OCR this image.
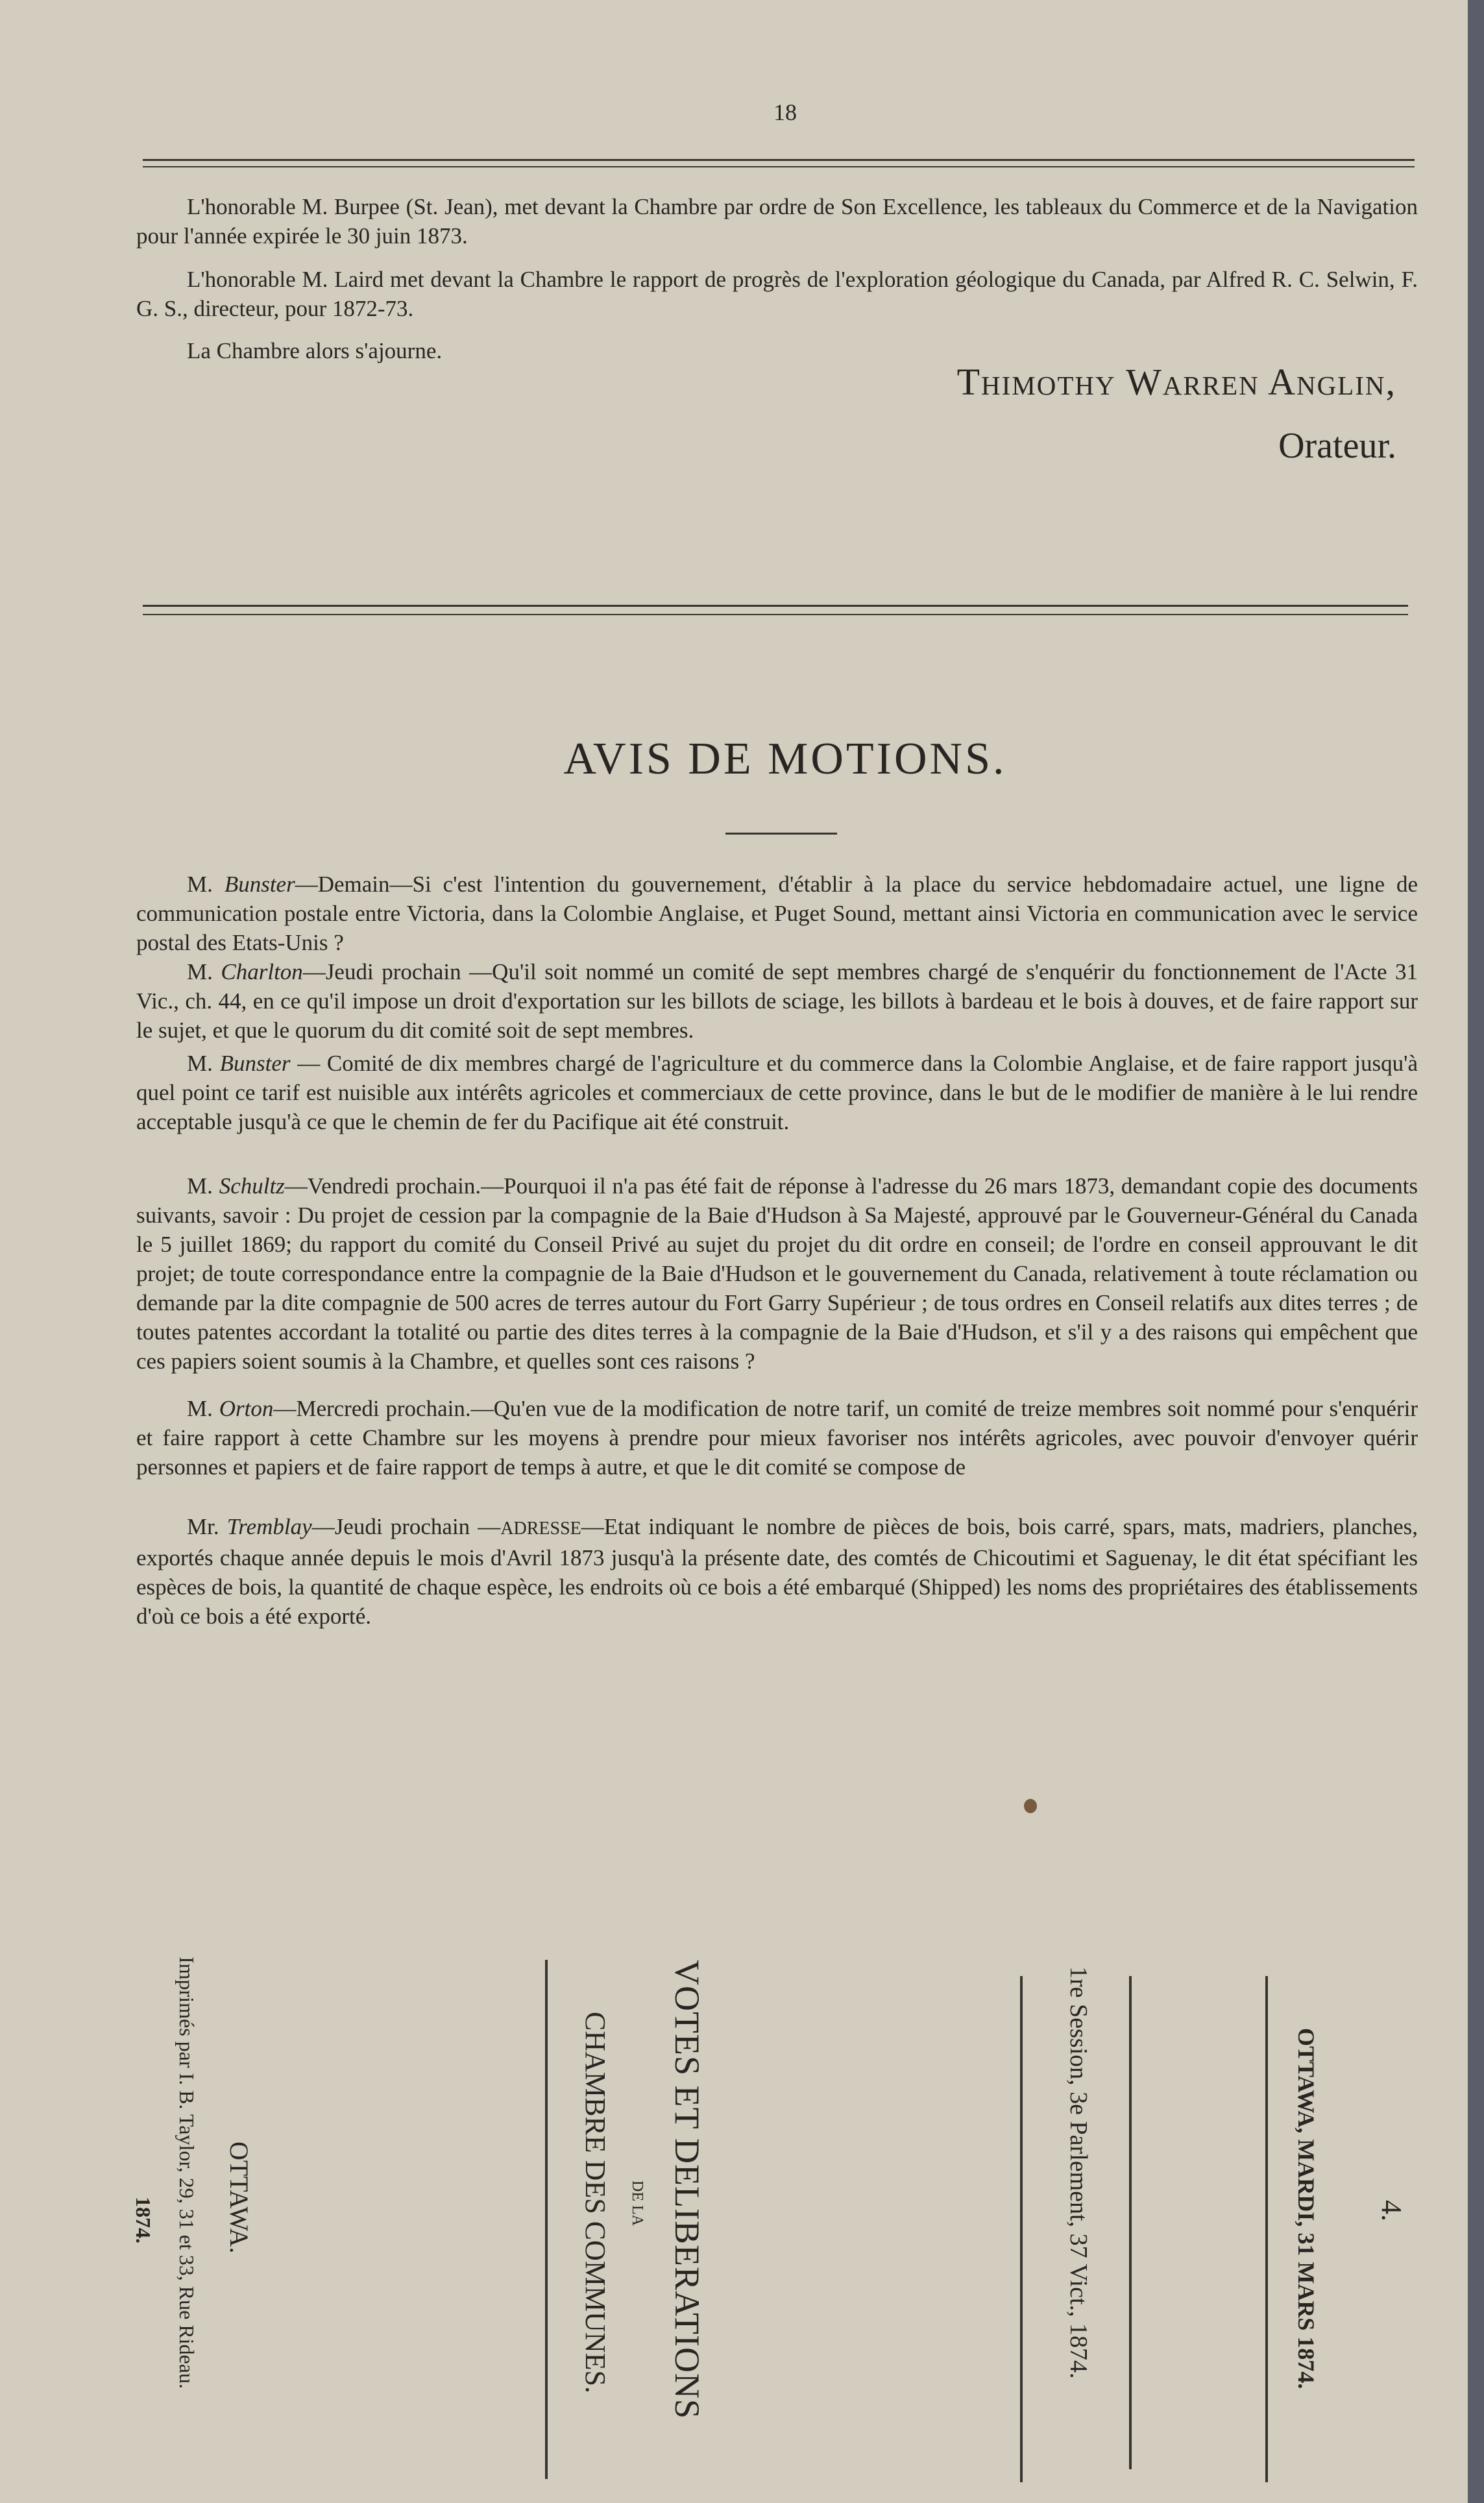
18

L'honorable M. Burpee (St. Jean), met devant la Chambre par ordre de Son Excellence, les tableaux du Commerce et de la Navigation pour l'année expirée le 30 juin 1873.

L'honorable M. Laird met devant la Chambre le rapport de progrès de l'exploration géologique du Canada, par Alfred R. C. Selwin, F. G. S., directeur, pour 1872-73.

La Chambre alors s'ajourne.

Thimothy Warren Anglin,
Orateur.
AVIS DE MOTIONS.

M. Bunster—Demain—Si c'est l'intention du gouvernement, d'établir à la place du service hebdomadaire actuel, une ligne de communication postale entre Victoria, dans la Colombie Anglaise, et Puget Sound, mettant ainsi Victoria en communication avec le service postal des Etats-Unis ?

M. Charlton—Jeudi prochain —Qu'il soit nommé un comité de sept membres chargé de s'enquérir du fonctionnement de l'Acte 31 Vic., ch. 44, en ce qu'il impose un droit d'exportation sur les billots de sciage, les billots à bardeau et le bois à douves, et de faire rapport sur le sujet, et que le quorum du dit comité soit de sept membres.

M. Bunster — Comité de dix membres chargé de l'agriculture et du commerce dans la Colombie Anglaise, et de faire rapport jusqu'à quel point ce tarif est nuisible aux intérêts agricoles et commerciaux de cette province, dans le but de le modifier de manière à le lui rendre acceptable jusqu'à ce que le chemin de fer du Pacifique ait été construit.

M. Schultz—Vendredi prochain.—Pourquoi il n'a pas été fait de réponse à l'adresse du 26 mars 1873, demandant copie des documents suivants, savoir : Du projet de cession par la compagnie de la Baie d'Hudson à Sa Majesté, approuvé par le Gouverneur-Général du Canada le 5 juillet 1869; du rapport du comité du Conseil Privé au sujet du projet du dit ordre en conseil; de l'ordre en conseil approuvant le dit projet; de toute correspondance entre la compagnie de la Baie d'Hudson et le gouvernement du Canada, relativement à toute réclamation ou demande par la dite compagnie de 500 acres de terres autour du Fort Garry Supérieur ; de tous ordres en Conseil relatifs aux dites terres ; de toutes patentes accordant la totalité ou partie des dites terres à la compagnie de la Baie d'Hudson, et s'il y a des raisons qui empêchent que ces papiers soient soumis à la Chambre, et quelles sont ces raisons ?

M. Orton—Mercredi prochain.—Qu'en vue de la modification de notre tarif, un comité de treize membres soit nommé pour s'enquérir et faire rapport à cette Chambre sur les moyens à prendre pour mieux favoriser nos intérêts agricoles, avec pouvoir d'envoyer quérir personnes et papiers et de faire rapport de temps à autre, et que le dit comité se compose de

Mr. Tremblay—Jeudi prochain —ADRESSE—Etat indiquant le nombre de pièces de bois, bois carré, spars, mats, madriers, planches, exportés chaque année depuis le mois d'Avril 1873 jusqu'à la présente date, des comtés de Chicoutimi et Saguenay, le dit état spécifiant les espèces de bois, la quantité de chaque espèce, les endroits où ce bois a été embarqué (Shipped) les noms des propriétaires des établissements d'où ce bois a été exporté.

4.
OTTAWA, MARDI, 31 MARS 1874.
1re Session, 3e Parlement, 37 Vict., 1874.
VOTES ET DELIBERATIONS
DE LA
CHAMBRE DES COMMUNES.
OTTAWA.
Imprimés par I. B. Taylor, 29, 31 et 33, Rue Rideau.
1874.
